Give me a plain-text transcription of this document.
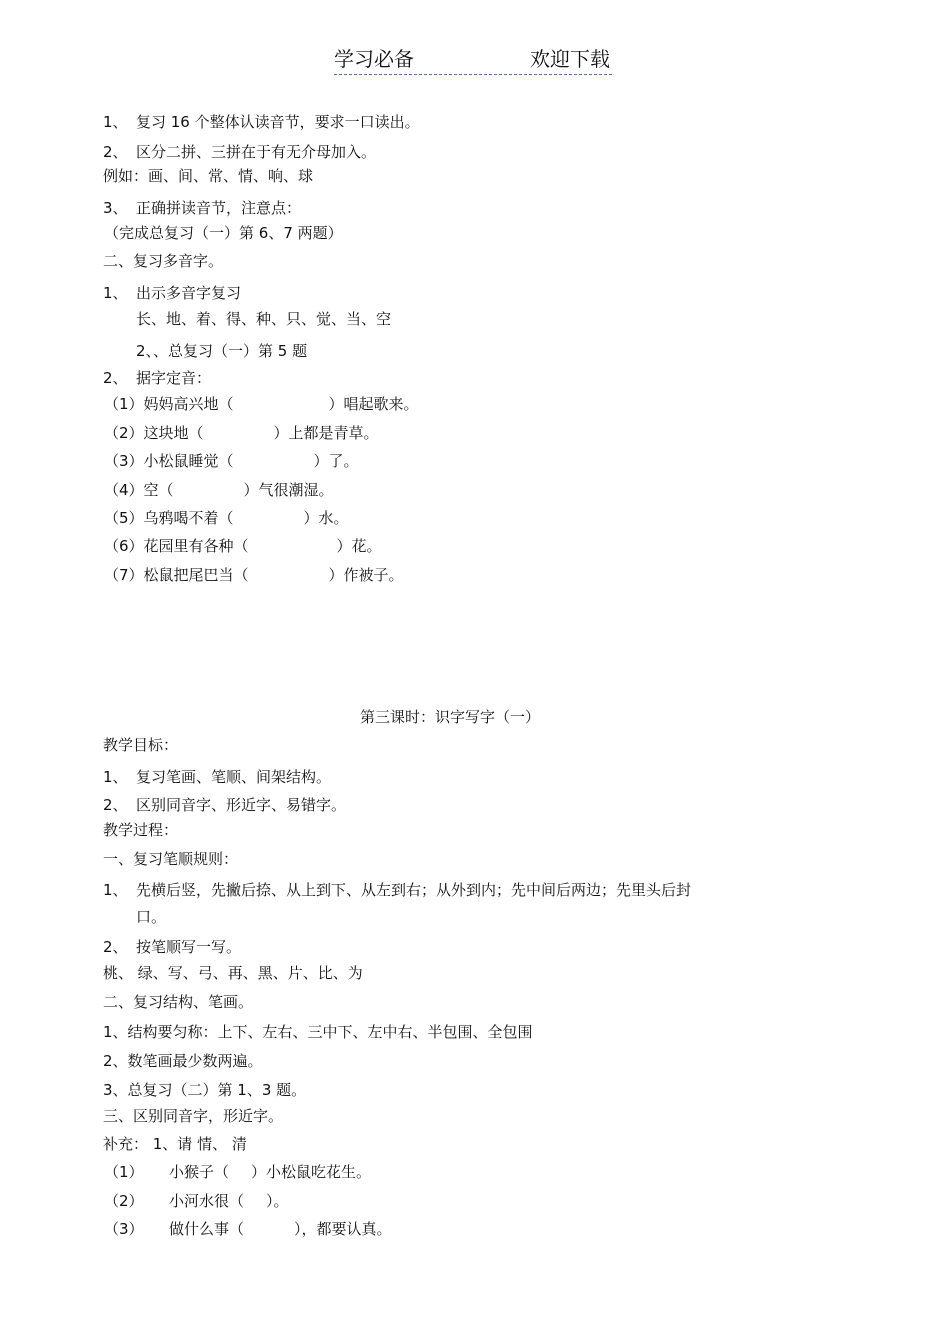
学习必备	欢迎下载
1、 复习 16 个整体认读音节，要求一口读出。
2、 区分二拼、三拼在于有无介母加入。
例如：画、间、常、情、响、球
3、 正确拼读音节，注意点：
（完成总复习（一）第 6、7 两题）
二、复习多音字。
1、 出示多音字复习
长、地、着、得、种、只、觉、当、空
2、、总复习（一）第 5 题
2、 据字定音：
（1）妈妈高兴地（	）唱起歌来。
（2）这块地（	）上都是青草。
（3）小松鼠睡觉（	）了。
（4）空（	）气很潮湿。
（5）乌鸦喝不着（	）水。
（6）花园里有各种（	）花。
（7）松鼠把尾巴当（	）作被子。
第三课时：识字写字（一）
教学目标：
1、 复习笔画、笔顺、间架结构。
2、 区别同音字、形近字、易错字。
教学过程：
一、复习笔顺规则：
1、 先横后竖，先撇后捺、从上到下、从左到右；从外到内；先中间后两边；先里头后封
口。
2、 按笔顺写一写。
桃、 绿、写、弓、再、黑、片、比、为
二、复习结构、笔画。
1、结构要匀称：上下、左右、三中下、左中右、半包围、全包围
2、数笔画最少数两遍。
3、总复习（二）第 1、3 题。
三、区别同音字，形近字。
补充： 1、请 情、 清
（1） 小猴子（ ）小松鼠吃花生。
（2） 小河水很（ ）。
（3） 做什么事（	），都要认真。
